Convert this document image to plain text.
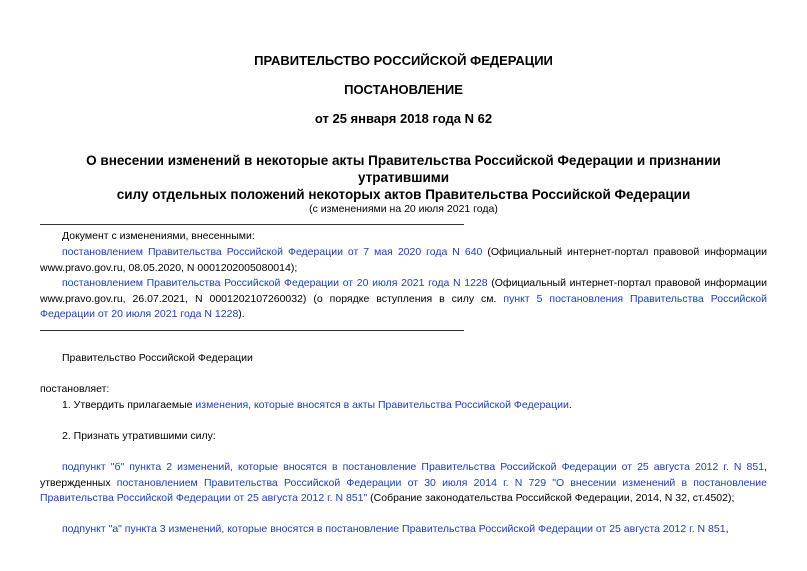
ПРАВИТЕЛЬСТВО РОССИЙСКОЙ ФЕДЕРАЦИИ
ПОСТАНОВЛЕНИЕ
от 25 января 2018 года N 62
О внесении изменений в некоторые акты Правительства Российской Федерации и признании утратившими
силу отдельных положений некоторых актов Правительства Российской Федерации
(с изменениями на 20 июля 2021 года)
Документ с изменениями, внесенными:
постановлением Правительства Российской Федерации от 7 мая 2020 года N 640 (Официальный интернет-портал правовой информации www.pravo.gov.ru, 08.05.2020, N 0001202005080014);
постановлением Правительства Российской Федерации от 20 июля 2021 года N 1228 (Официальный интернет-портал правовой информации www.pravo.gov.ru, 26.07.2021, N 0001202107260032) (о порядке вступления в силу см. пункт 5 постановления Правительства Российской Федерации от 20 июля 2021 года N 1228).
Правительство Российской Федерации
постановляет:
1. Утвердить прилагаемые изменения, которые вносятся в акты Правительства Российской Федерации.
2. Признать утратившими силу:
подпункт "б" пункта 2 изменений, которые вносятся в постановление Правительства Российской Федерации от 25 августа 2012 г. N 851, утвержденных постановлением Правительства Российской Федерации от 30 июля 2014 г. N 729 "О внесении изменений в постановление Правительства Российской Федерации от 25 августа 2012 г. N 851" (Собрание законодательства Российской Федерации, 2014, N 32, ст.4502);
подпункт "а" пункта 3 изменений, которые вносятся в постановление Правительства Российской Федерации от 25 августа 2012 г. N 851,
